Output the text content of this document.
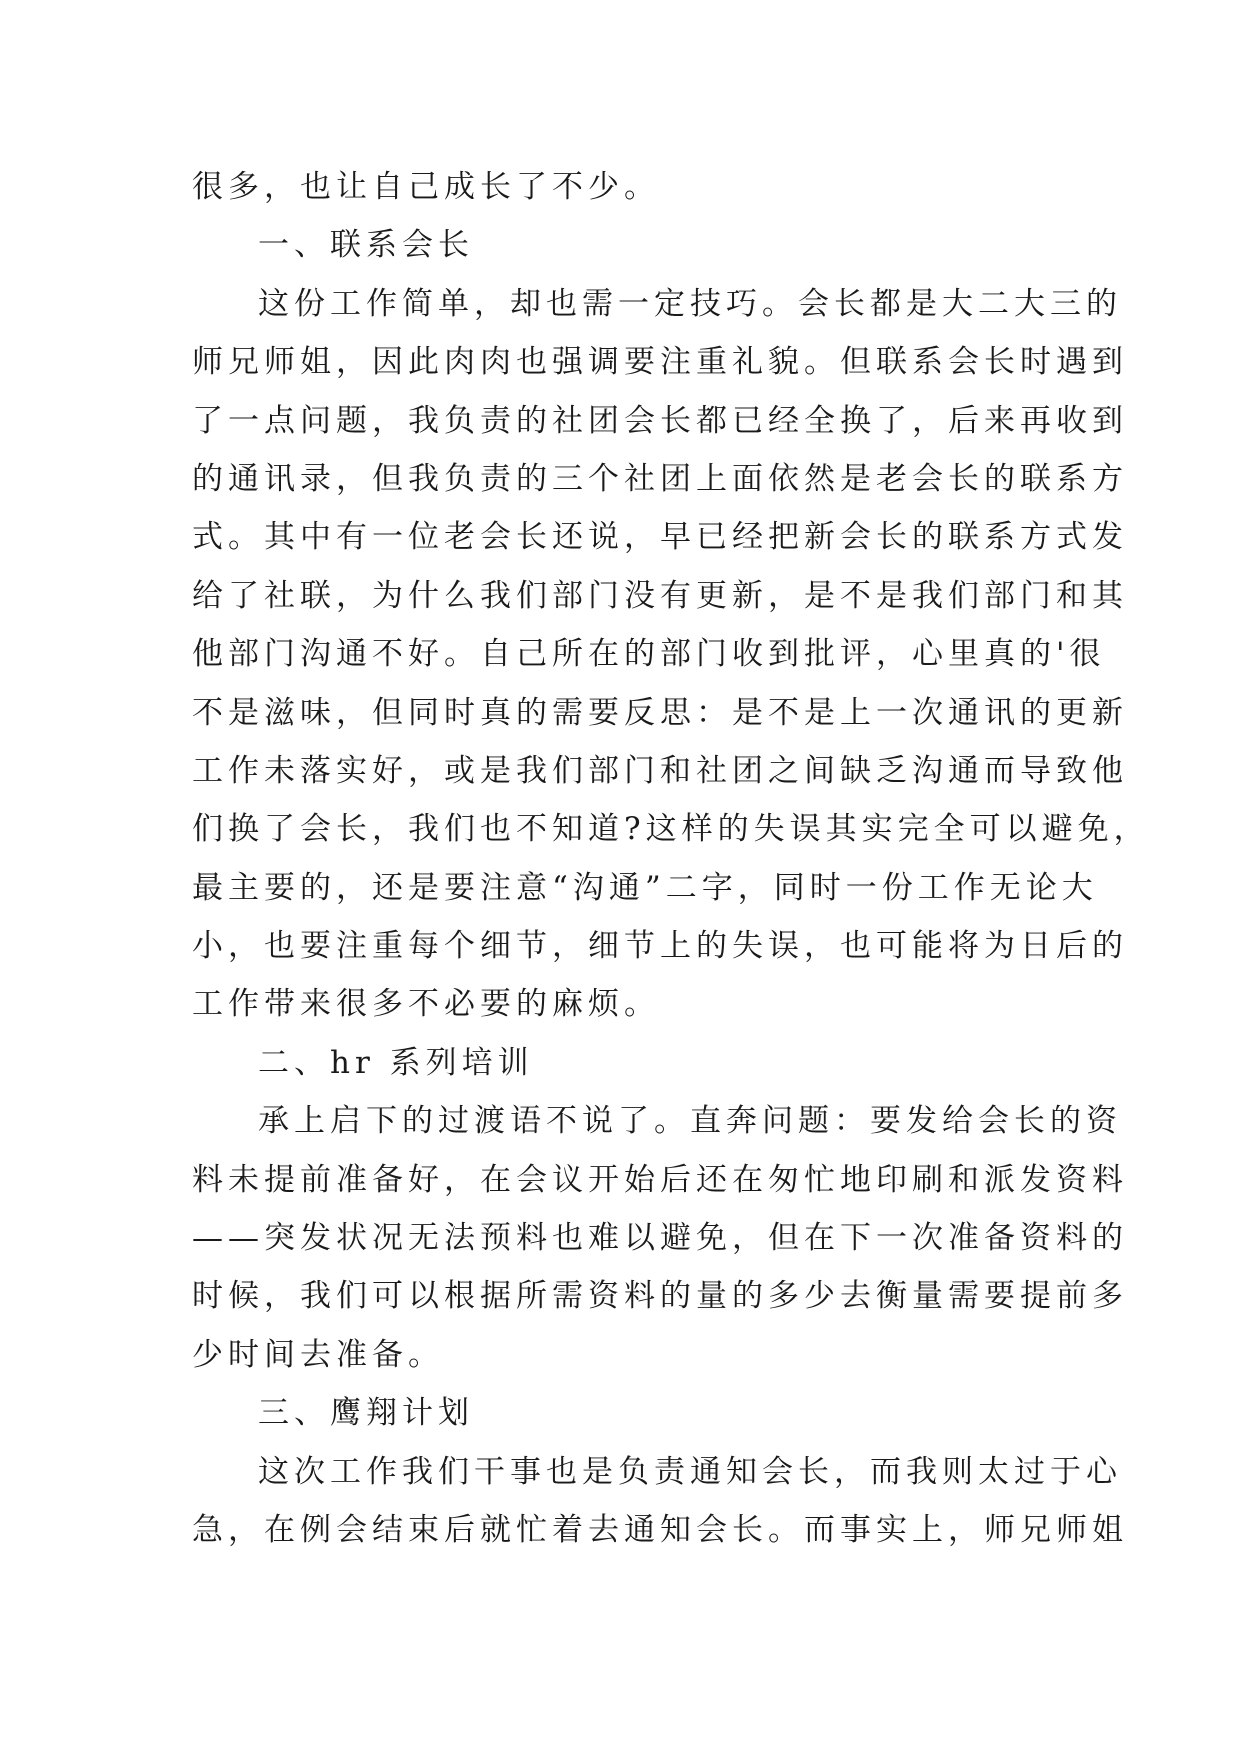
很多，也让自己成长了不少。
一、联系会长
这份工作简单，却也需一定技巧。会长都是大二大三的
师兄师姐，因此肉肉也强调要注重礼貌。但联系会长时遇到
了一点问题，我负责的社团会长都已经全换了，后来再收到
的通讯录，但我负责的三个社团上面依然是老会长的联系方
式。其中有一位老会长还说，早已经把新会长的联系方式发
给了社联，为什么我们部门没有更新，是不是我们部门和其
他部门沟通不好。自己所在的部门收到批评，心里真的'很
不是滋味，但同时真的需要反思：是不是上一次通讯的更新
工作未落实好，或是我们部门和社团之间缺乏沟通而导致他
们换了会长，我们也不知道?这样的失误其实完全可以避免，
最主要的，还是要注意“沟通”二字，同时一份工作无论大
小，也要注重每个细节，细节上的失误，也可能将为日后的
工作带来很多不必要的麻烦。
二、hr 系列培训
承上启下的过渡语不说了。直奔问题：要发给会长的资
料未提前准备好，在会议开始后还在匆忙地印刷和派发资料
——突发状况无法预料也难以避免，但在下一次准备资料的
时候，我们可以根据所需资料的量的多少去衡量需要提前多
少时间去准备。
三、鹰翔计划
这次工作我们干事也是负责通知会长，而我则太过于心
急，在例会结束后就忙着去通知会长。而事实上，师兄师姐
